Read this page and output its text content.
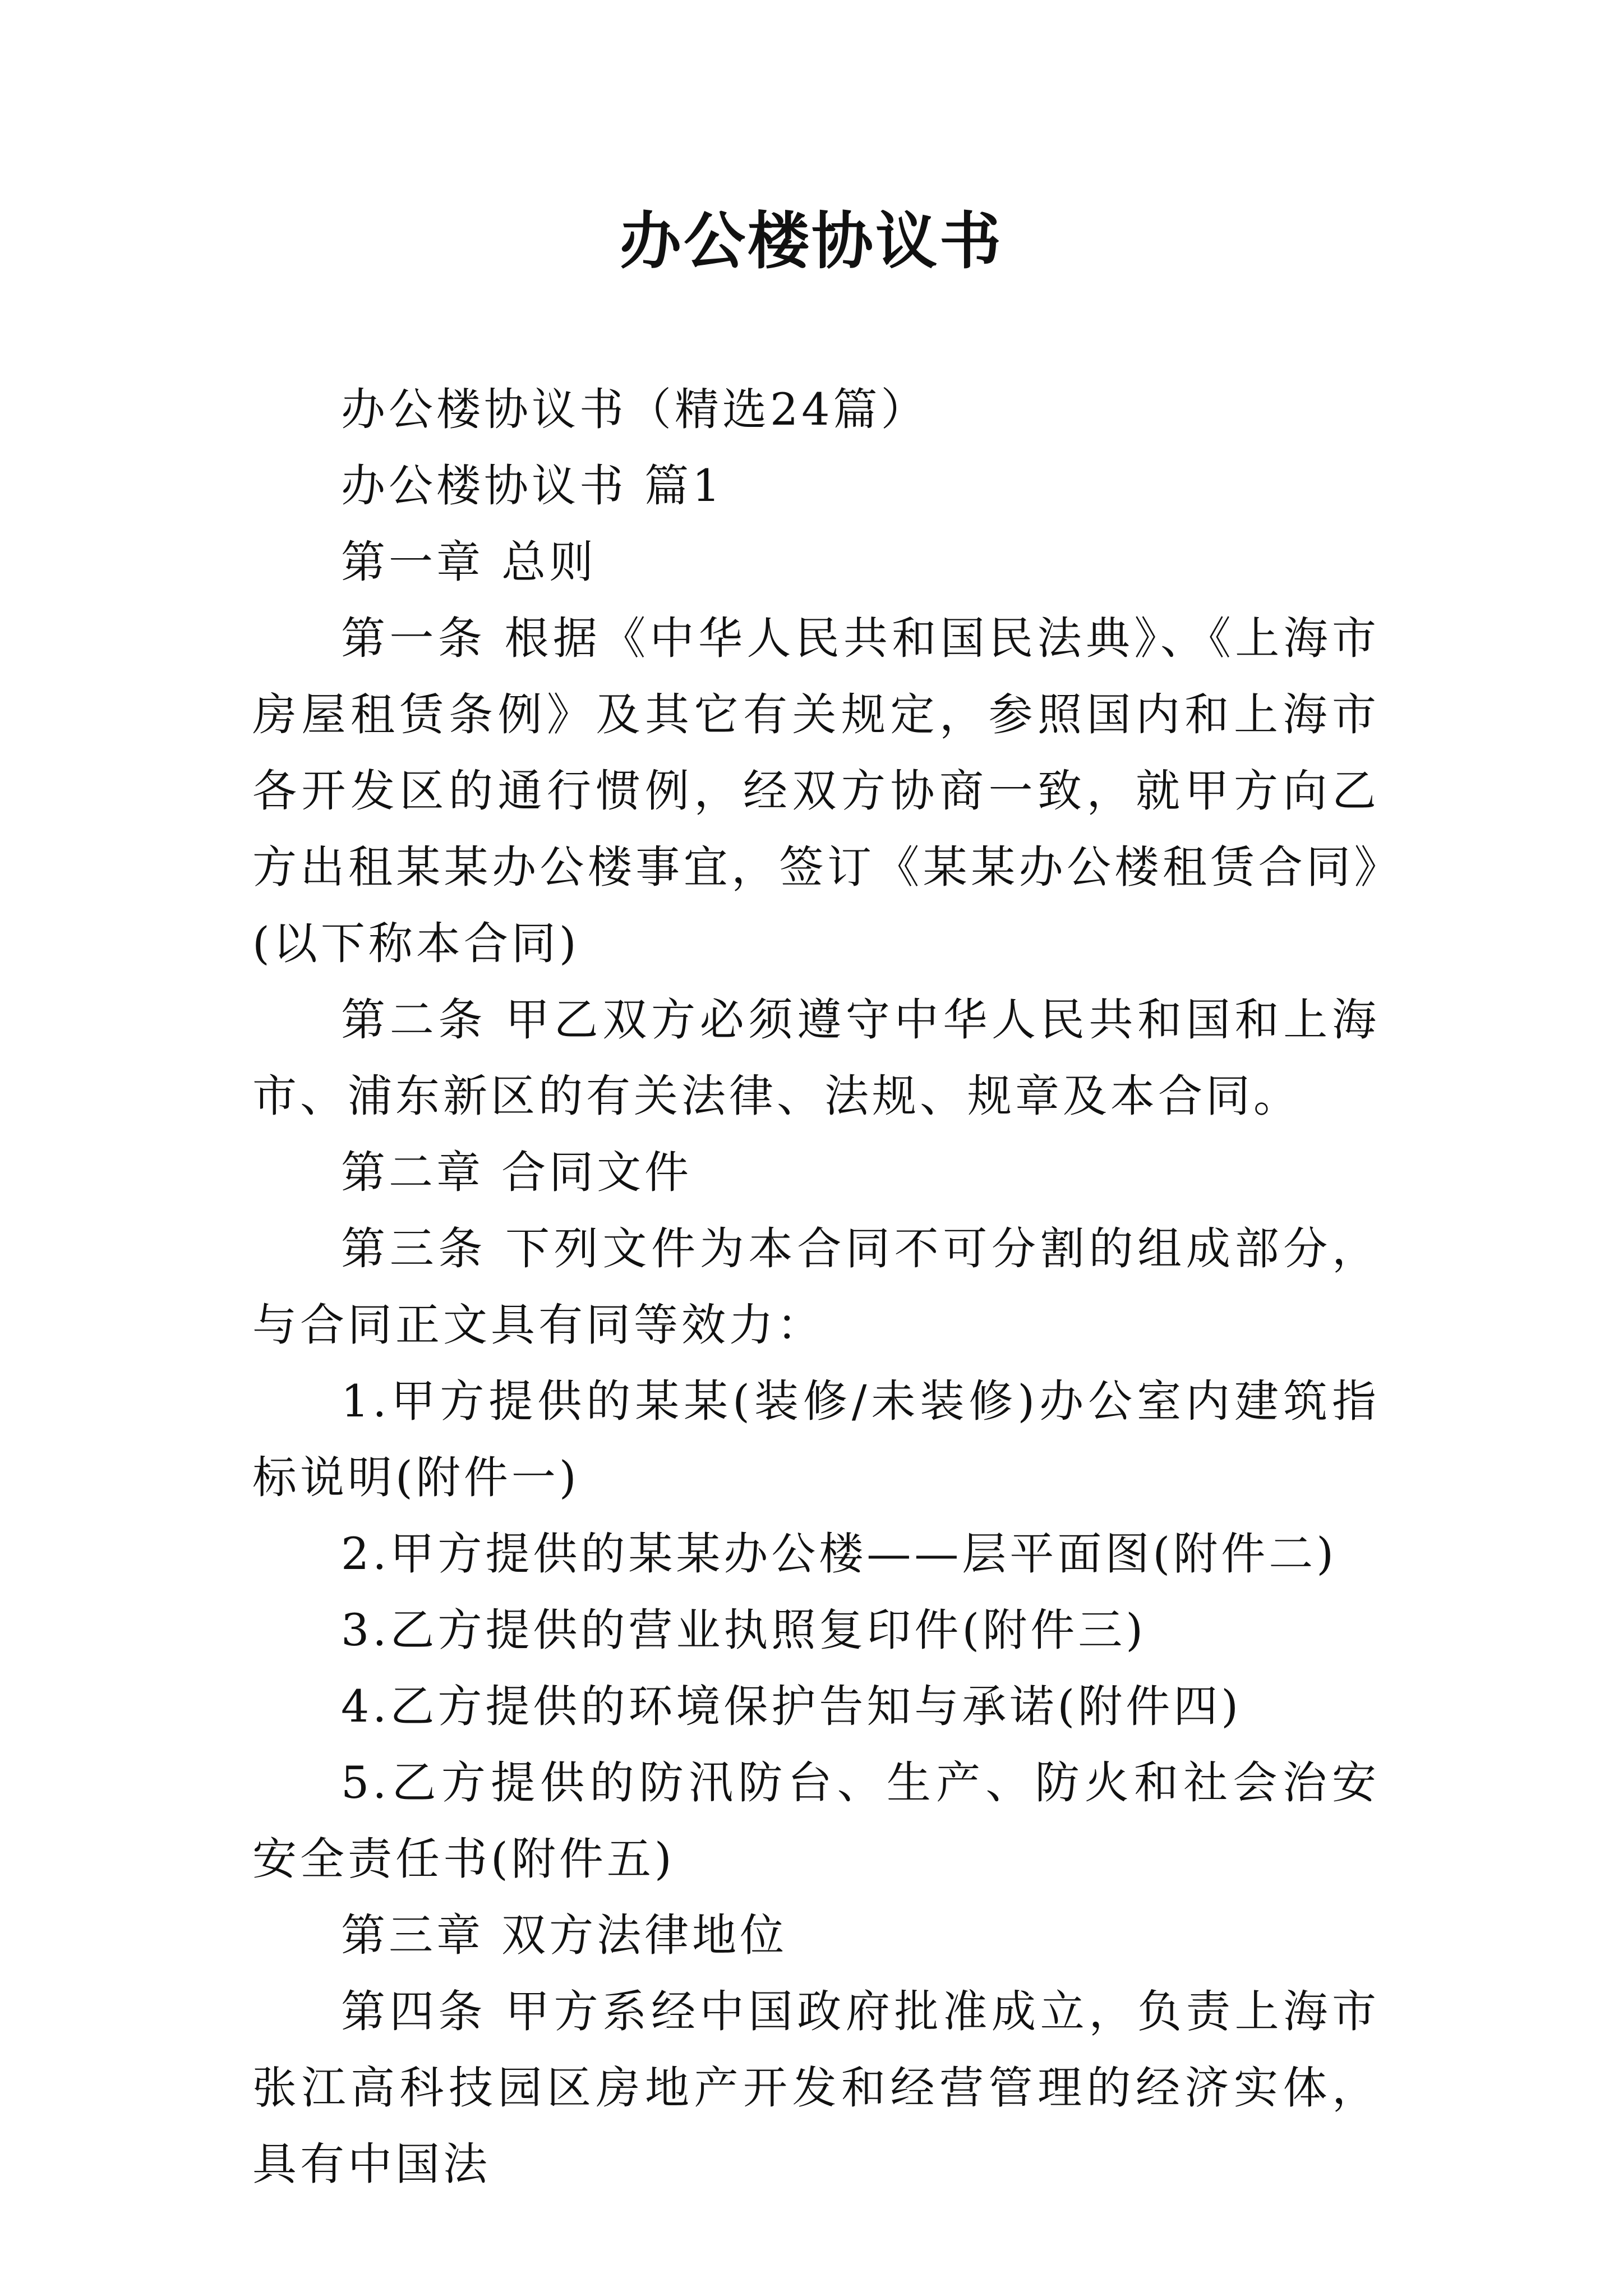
办公楼协议书

办公楼协议书（精选24篇）

办公楼协议书 篇1

第一章 总则

第一条 根据《中华人民共和国民法典》、《上海市房屋租赁条例》及其它有关规定，参照国内和上海市各开发区的通行惯例，经双方协商一致，就甲方向乙方出租某某办公楼事宜，签订《某某办公楼租赁合同》(以下称本合同)

第二条 甲乙双方必须遵守中华人民共和国和上海市、浦东新区的有关法律、法规、规章及本合同。

第二章 合同文件

第三条 下列文件为本合同不可分割的组成部分，与合同正文具有同等效力：

1.甲方提供的某某(装修/未装修)办公室内建筑指标说明(附件一)

2.甲方提供的某某办公楼——层平面图(附件二)

3.乙方提供的营业执照复印件(附件三)

4.乙方提供的环境保护告知与承诺(附件四)

5.乙方提供的防汛防台、生产、防火和社会治安安全责任书(附件五)

第三章 双方法律地位

第四条 甲方系经中国政府批准成立，负责上海市张江高科技园区房地产开发和经营管理的经济实体，具有中国法
